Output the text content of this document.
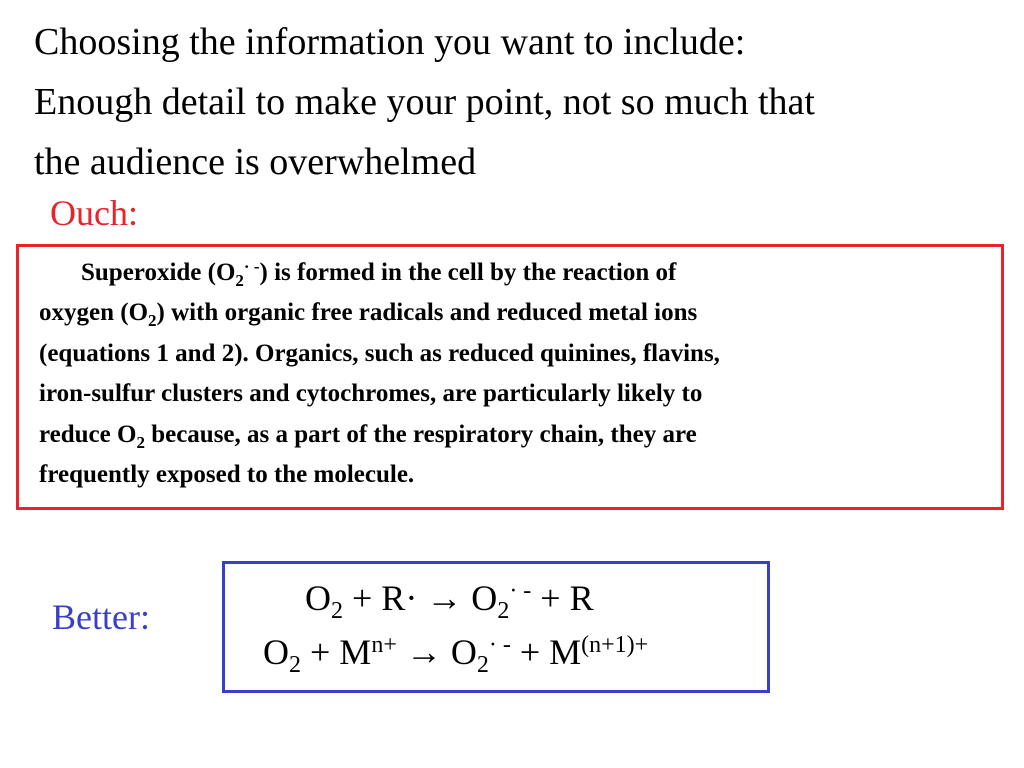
Choosing the information you want to include:
Enough detail to make your point, not so much that
the audience is overwhelmed
Ouch:
Superoxide $(O_2^{\cdot -})$ is formed in the cell by the reaction of
oxygen $(O_2)$ with organic free radicals and reduced metal ions
(equations 1 and 2). Organics, such as reduced quinines, flavins,
iron-sulfur clusters and cytochromes, are particularly likely to
reduce $O_2$ because, as a part of the respiratory chain, they are
frequently exposed to the molecule.
Better:	$O_2 + R\cdot \to O_2^{\cdot -} + R$
$O_2 + M^{n+} \to O_2^{\cdot -} + M^{(n+1)+}$
